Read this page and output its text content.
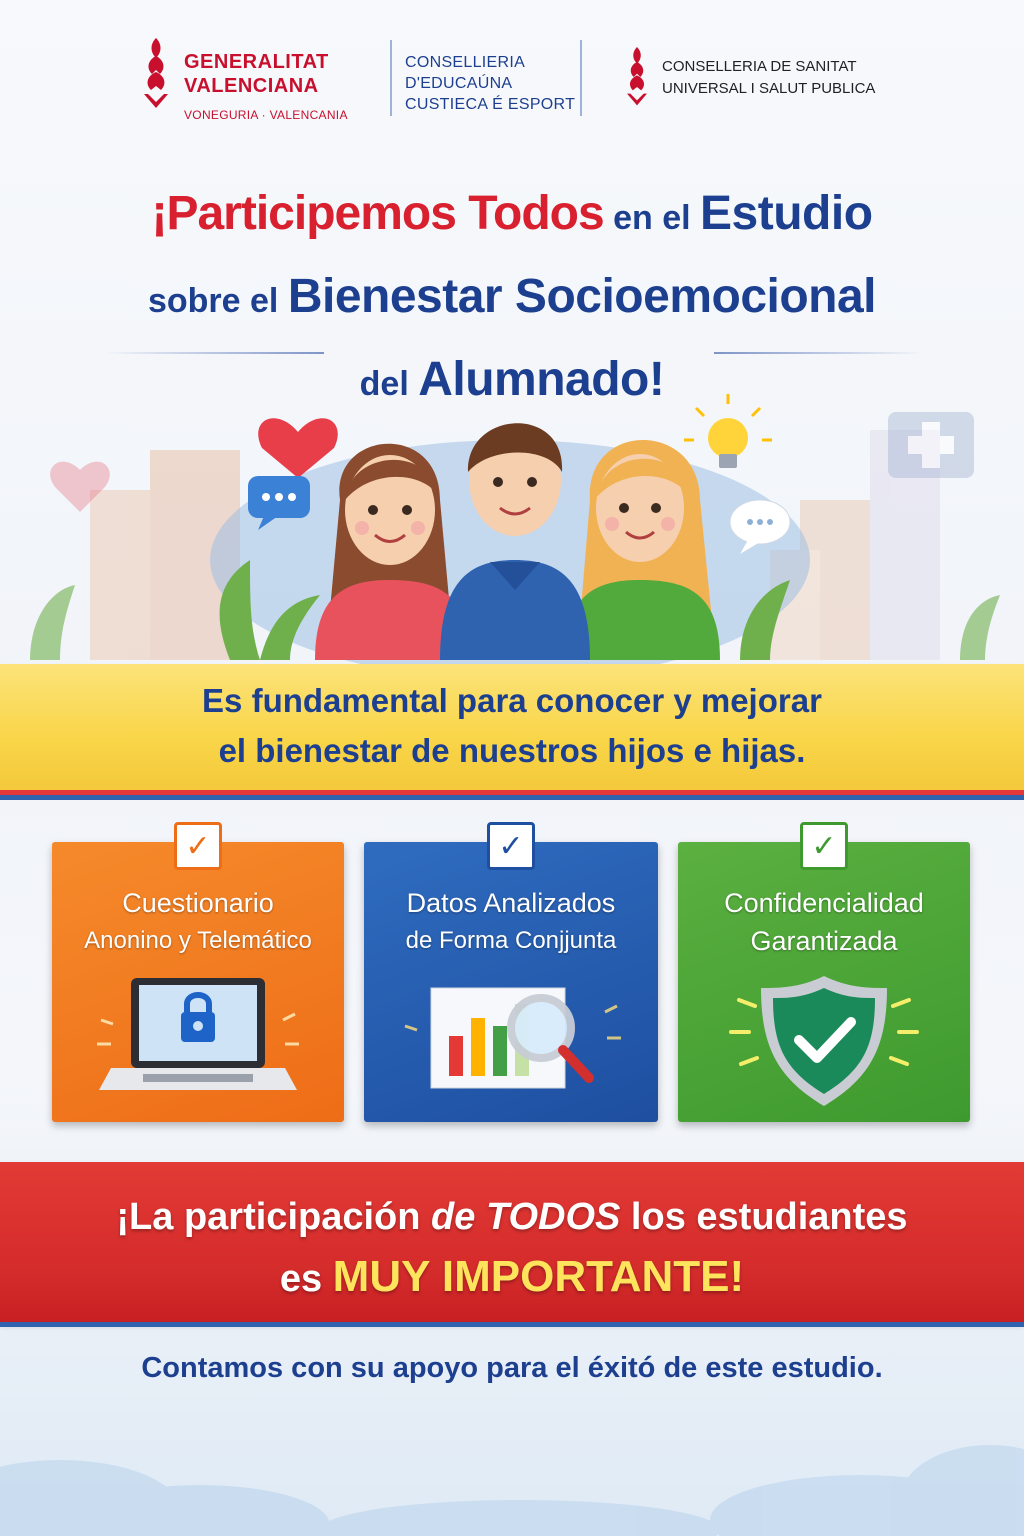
GENERALITAT
VALENCIANA
VONEGURIA · VALENCANIA
CONSELLIERIA
D'EDUCAÚNA
CUSTIECA É ESPORT
CONSELLERIA DE SANITAT
UNIVERSAL I SALUT PUBLICA
¡Participemos Todos en el Estudio
sobre el Bienestar Socioemocional
del Alumnado!
Es fundamental para conocer y mejorar
el bienestar de nuestros hijos e hijas.
✓
Cuestionario
Anonino y Telemático
✓
Datos Analizados
de Forma Conjjunta
✓
Confidencialidad
Garantizada
¡La participación de TODOS los estudiantes
es MUY IMPORTANTE!
Contamos con su apoyo para el éxitó de este estudio.
